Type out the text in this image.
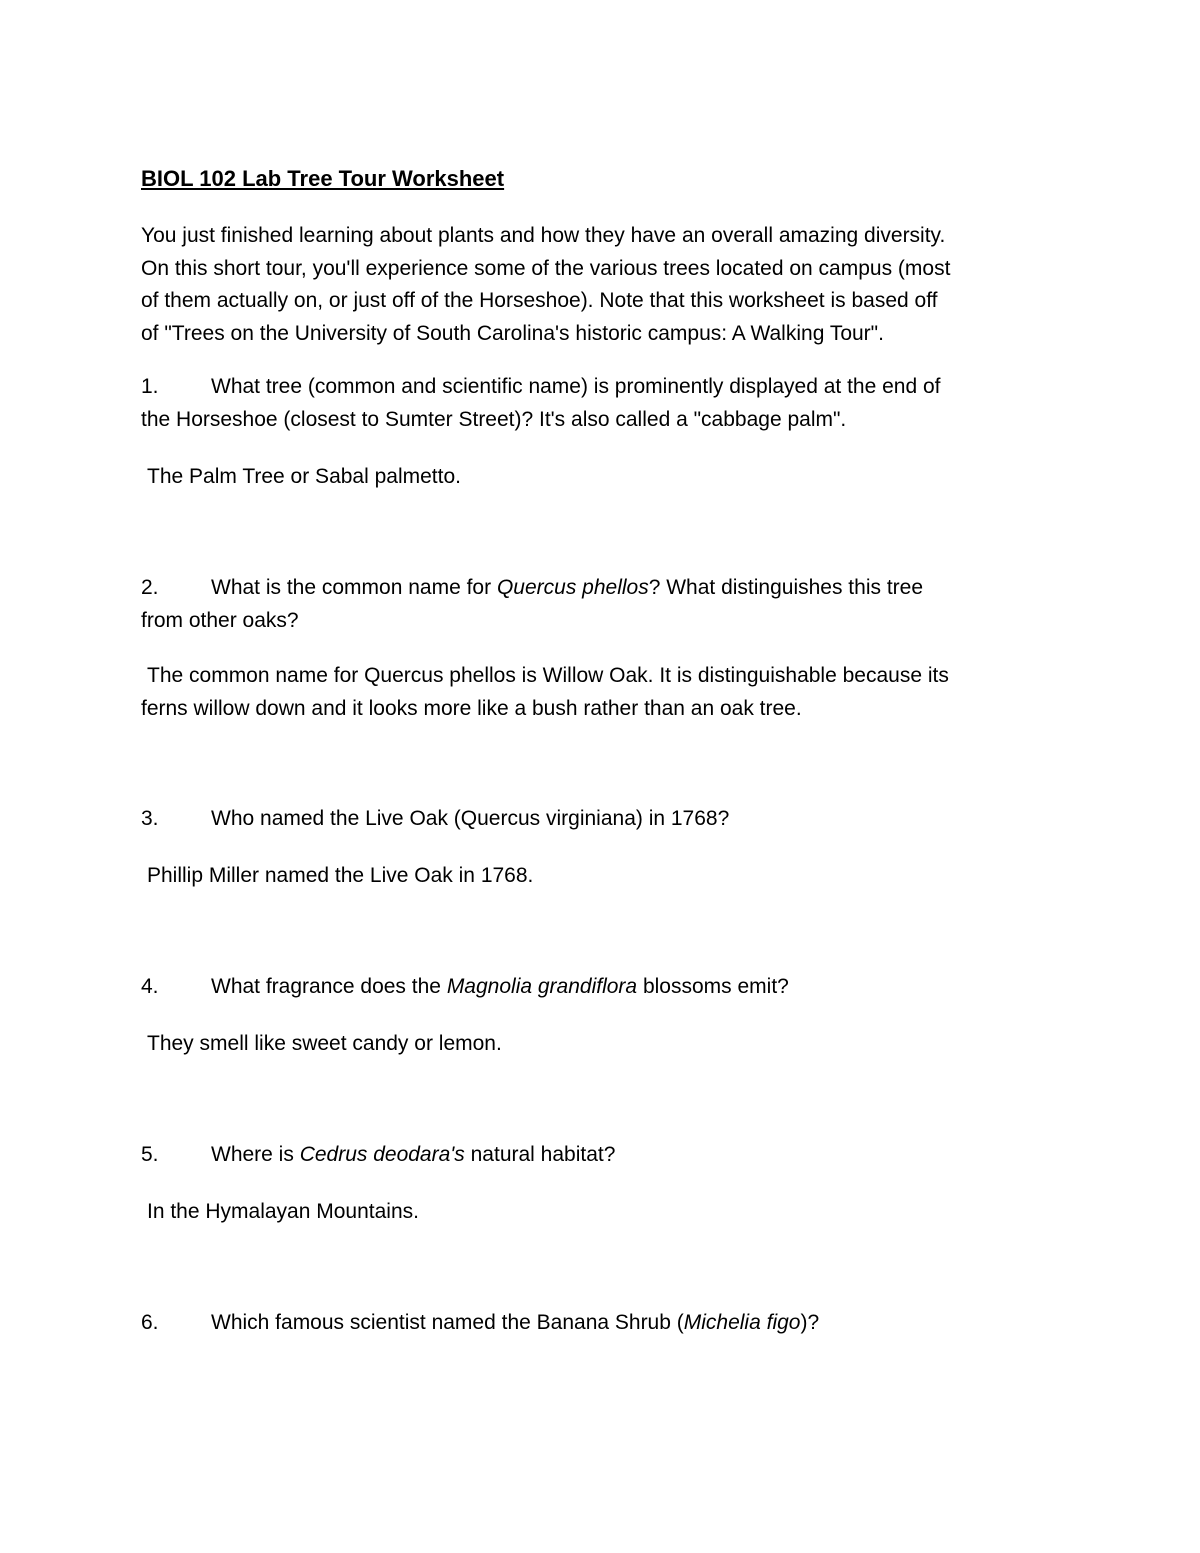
BIOL 102 Lab Tree Tour Worksheet

You just finished learning about plants and how they have an overall amazing diversity.
On this short tour, you'll experience some of the various trees located on campus (most
of them actually on, or just off of the Horseshoe). Note that this worksheet is based off
of "Trees on the University of South Carolina's historic campus: A Walking Tour".

1. What tree (common and scientific name) is prominently displayed at the end of
the Horseshoe (closest to Sumter Street)? It's also called a "cabbage palm".
The Palm Tree or Sabal palmetto.
2. What is the common name for Quercus phellos? What distinguishes this tree
from other oaks?
The common name for Quercus phellos is Willow Oak. It is distinguishable because its
ferns willow down and it looks more like a bush rather than an oak tree.
3. Who named the Live Oak (Quercus virginiana) in 1768?
Phillip Miller named the Live Oak in 1768.
4. What fragrance does the Magnolia grandiflora blossoms emit?
They smell like sweet candy or lemon.
5. Where is Cedrus deodara's natural habitat?
In the Hymalayan Mountains.
6. Which famous scientist named the Banana Shrub (Michelia figo)?
